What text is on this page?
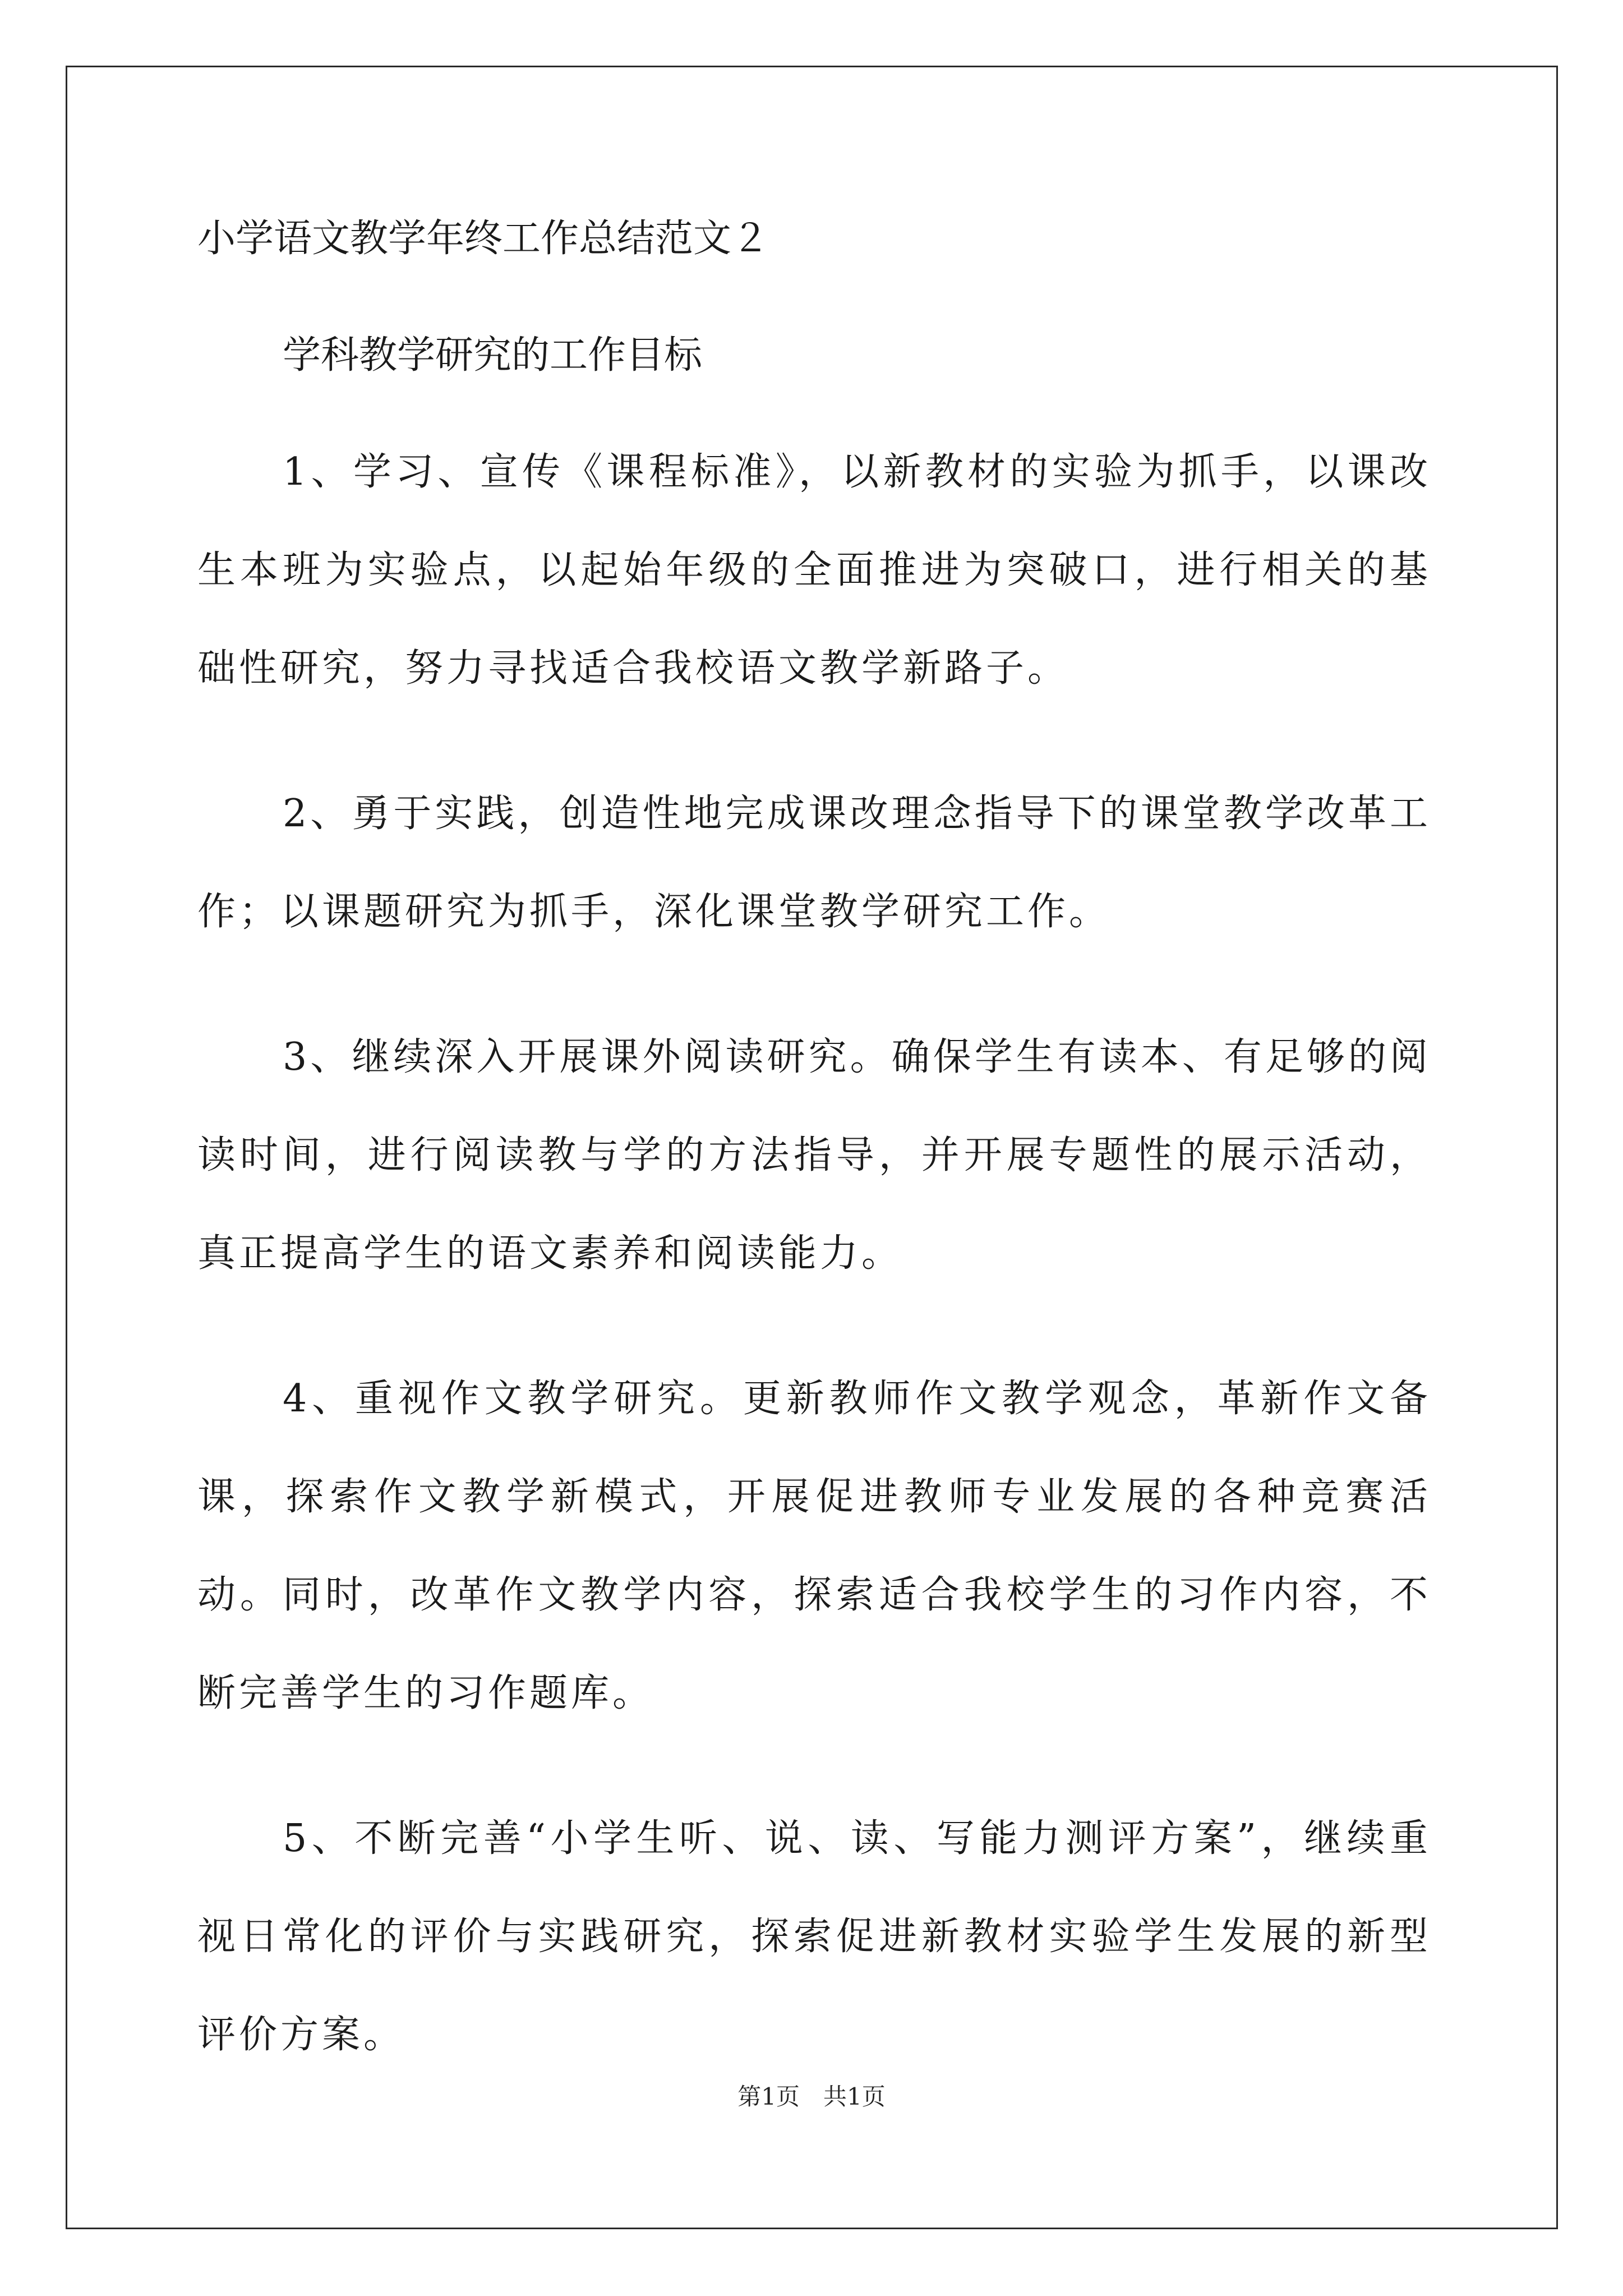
小学语文教学年终工作总结范文２
学科教学研究的工作目标

1、学习、宣传《课程标准》，以新教材的实验为抓手，以课改生本班为实验点，以起始年级的全面推进为突破口，进行相关的基础性研究，努力寻找适合我校语文教学新路子。

2、勇于实践，创造性地完成课改理念指导下的课堂教学改革工作；以课题研究为抓手，深化课堂教学研究工作。

3、继续深入开展课外阅读研究。确保学生有读本、有足够的阅读时间，进行阅读教与学的方法指导，并开展专题性的展示活动，真正提高学生的语文素养和阅读能力。

4、重视作文教学研究。更新教师作文教学观念，革新作文备课，探索作文教学新模式，开展促进教师专业发展的各种竞赛活动。同时，改革作文教学内容，探索适合我校学生的习作内容，不断完善学生的习作题库。

5、不断完善“小学生听、说、读、写能力测评方案”，继续重视日常化的评价与实践研究，探索促进新教材实验学生发展的新型评价方案。

第1页　共1页
